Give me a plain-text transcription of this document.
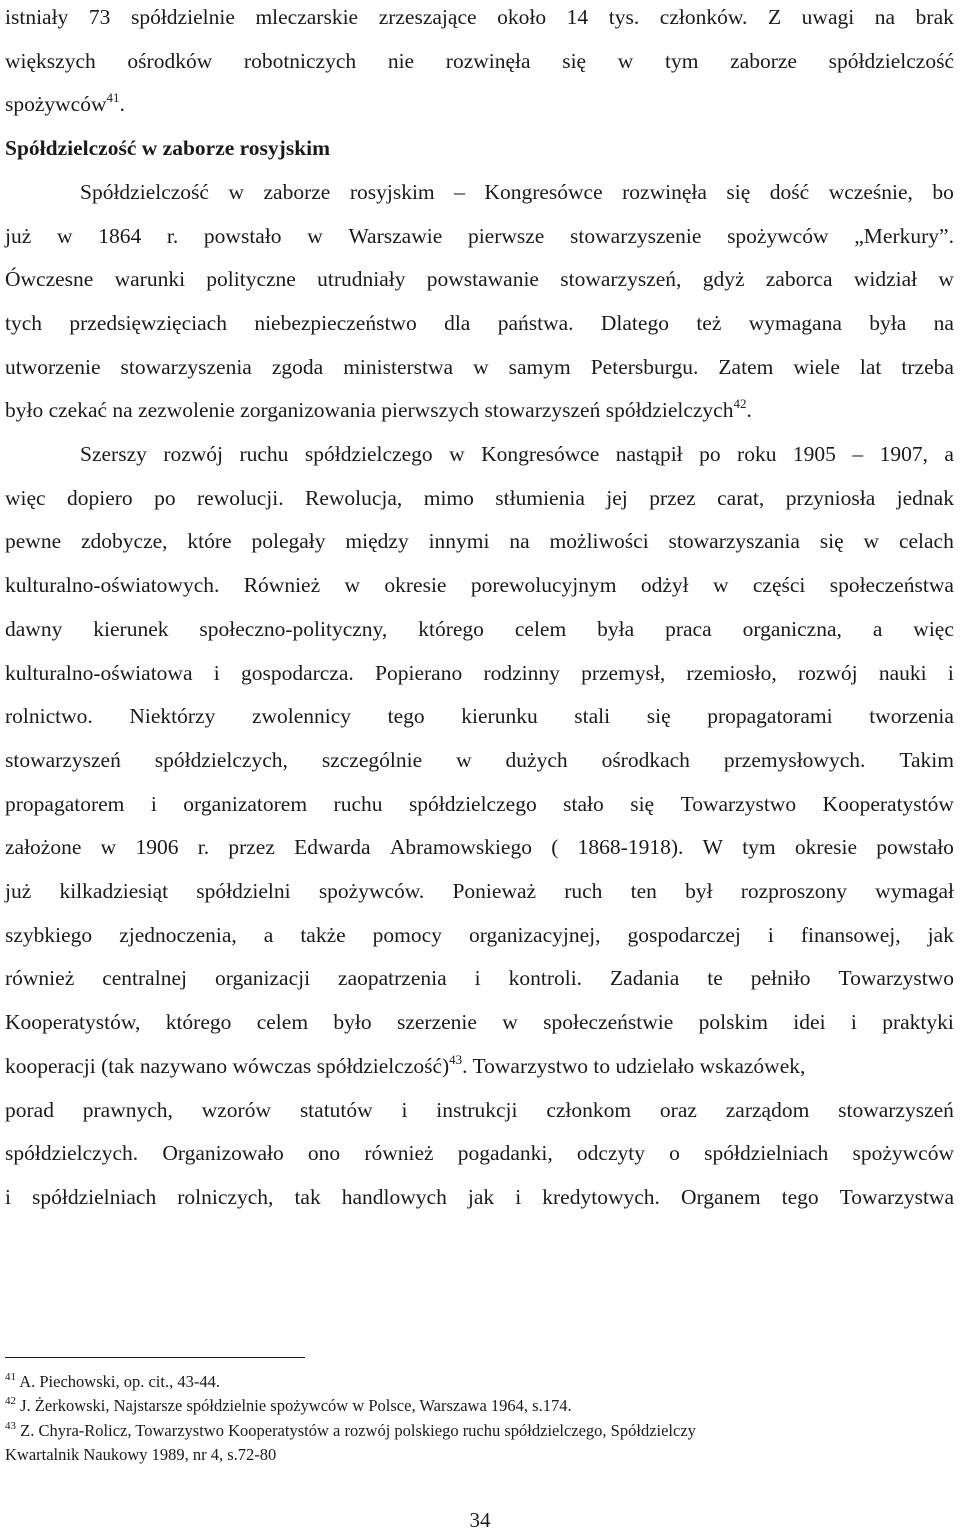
istniały 73 spółdzielnie mleczarskie zrzeszające około 14 tys. członków. Z uwagi na brak
większych ośrodków robotniczych nie rozwinęła się w tym zaborze spółdzielczość
spożywców$^{41}$.
Spółdzielczość w zaborze rosyjskim
Spółdzielczość w zaborze rosyjskim – Kongresówce rozwinęła się dość wcześnie, bo
już w 1864 r. powstało w Warszawie pierwsze stowarzyszenie spożywców „Merkury”.
Ówczesne warunki polityczne utrudniały powstawanie stowarzyszeń, gdyż zaborca widział w
tych przedsięwzięciach niebezpieczeństwo dla państwa. Dlatego też wymagana była na
utworzenie stowarzyszenia zgoda ministerstwa w samym Petersburgu. Zatem wiele lat trzeba
było czekać na zezwolenie zorganizowania pierwszych stowarzyszeń spółdzielczych$^{42}$.
Szerszy rozwój ruchu spółdzielczego w Kongresówce nastąpił po roku 1905 – 1907, a
więc dopiero po rewolucji. Rewolucja, mimo stłumienia jej przez carat, przyniosła jednak
pewne zdobycze, które polegały między innymi na możliwości stowarzyszania się w celach
kulturalno-oświatowych. Również w okresie porewolucyjnym odżył w części społeczeństwa
dawny kierunek społeczno-polityczny, którego celem była praca organiczna, a więc
kulturalno-oświatowa i gospodarcza. Popierano rodzinny przemysł, rzemiosło, rozwój nauki i
rolnictwo. Niektórzy zwolennicy tego kierunku stali się propagatorami tworzenia
stowarzyszeń spółdzielczych, szczególnie w dużych ośrodkach przemysłowych. Takim
propagatorem i organizatorem ruchu spółdzielczego stało się Towarzystwo Kooperatystów
założone w 1906 r. przez Edwarda Abramowskiego ( 1868-1918). W tym okresie powstało
już kilkadziesiąt spółdzielni spożywców. Ponieważ ruch ten był rozproszony wymagał
szybkiego zjednoczenia, a także pomocy organizacyjnej, gospodarczej i finansowej, jak
również centralnej organizacji zaopatrzenia i kontroli. Zadania te pełniło Towarzystwo
Kooperatystów, którego celem było szerzenie w społeczeństwie polskim idei i praktyki
kooperacji (tak nazywano wówczas spółdzielczość)$^{43}$. Towarzystwo to udzielało wskazówek,
porad prawnych, wzorów statutów i instrukcji członkom oraz zarządom stowarzyszeń
spółdzielczych. Organizowało ono również pogadanki, odczyty o spółdzielniach spożywców
i spółdzielniach rolniczych, tak handlowych jak i kredytowych. Organem tego Towarzystwa
$^{41}$ A. Piechowski, op. cit., 43-44.
$^{42}$ J. Żerkowski, Najstarsze spółdzielnie spożywców w Polsce, Warszawa 1964, s.174.
$^{43}$ Z. Chyra-Rolicz, Towarzystwo Kooperatystów a rozwój polskiego ruchu spółdzielczego, Spółdzielczy
Kwartalnik Naukowy 1989, nr 4, s.72-80
34
